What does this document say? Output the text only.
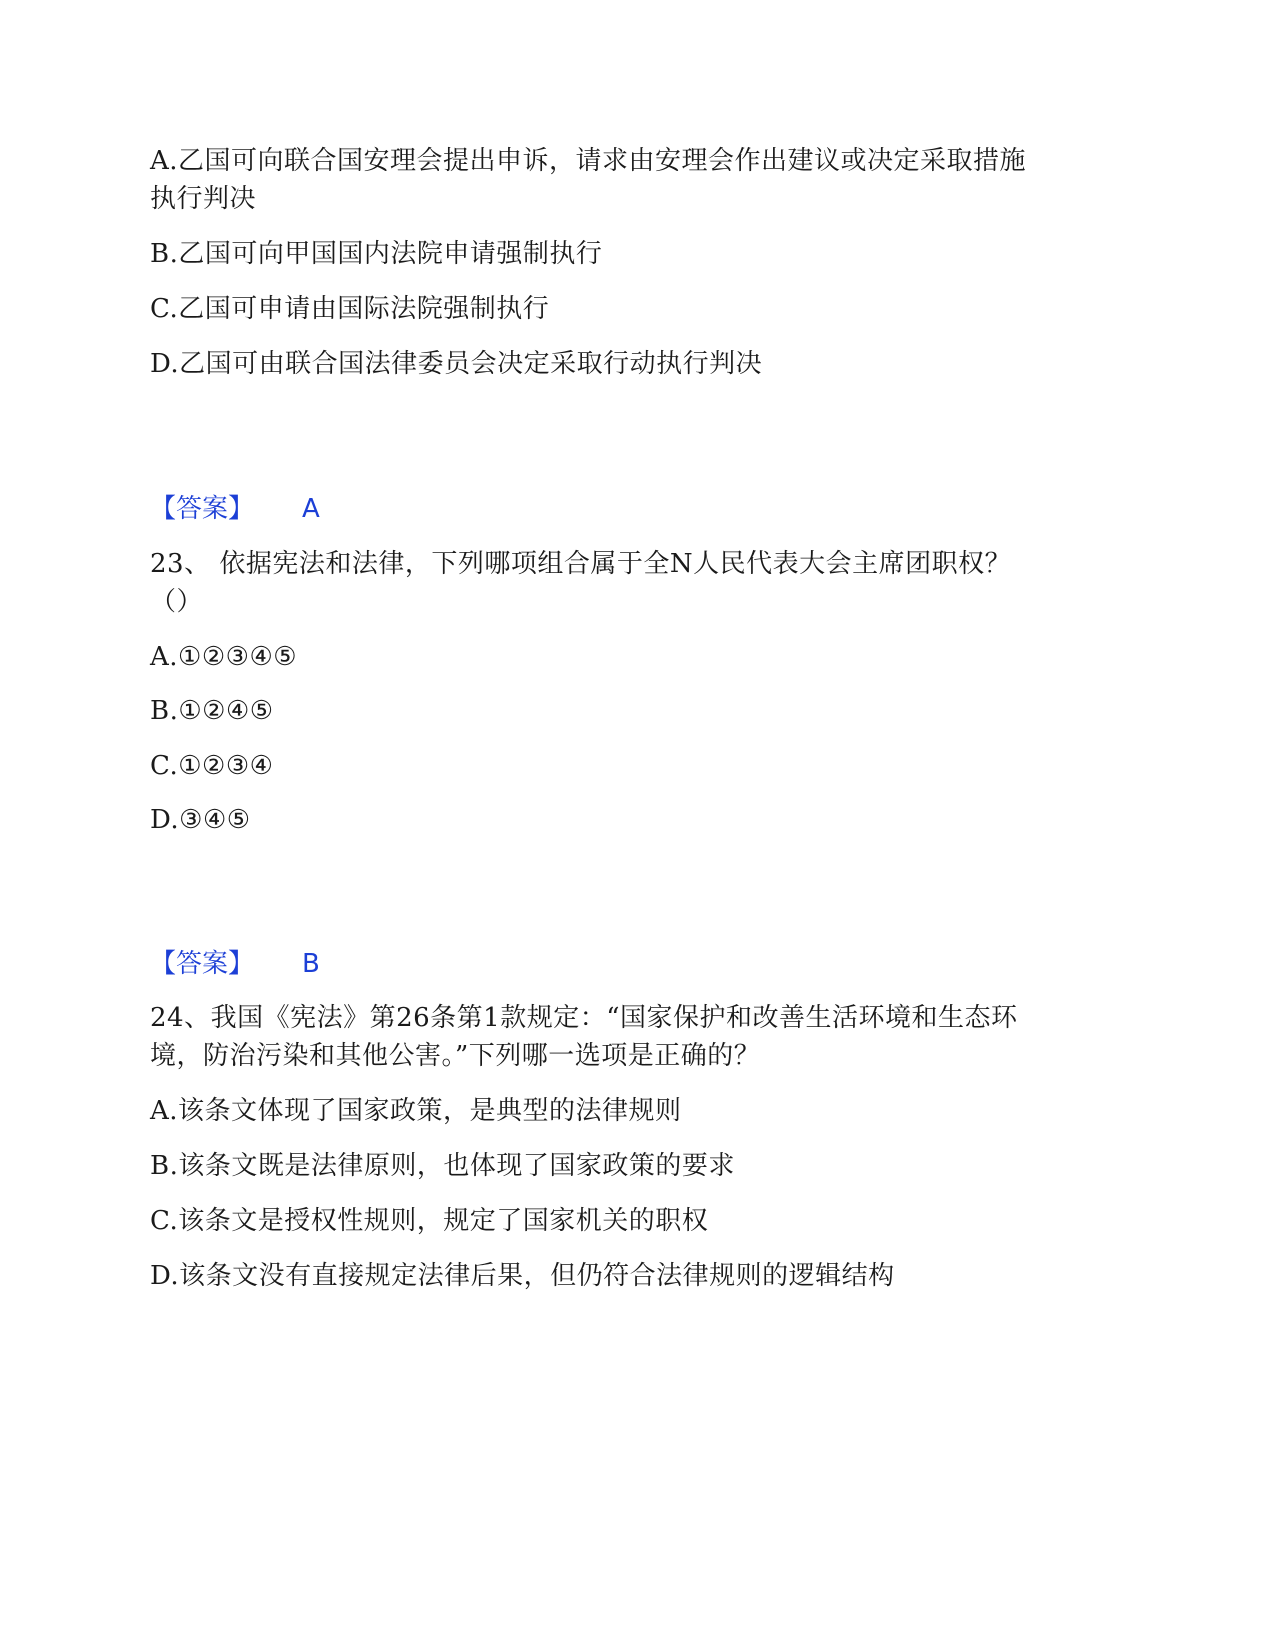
A.乙国可向联合国安理会提出申诉，请求由安理会作出建议或决定采取措施
执行判决
B.乙国可向甲国国内法院申请强制执行
C.乙国可申请由国际法院强制执行
D.乙国可由联合国法律委员会决定采取行动执行判决
【答案】 A
23、 依据宪法和法律，下列哪项组合属于全N人民代表大会主席团职权？
（）
A.①②③④⑤
B.①②④⑤
C.①②③④
D.③④⑤
【答案】 B
24、我国《宪法》第26条第1款规定：“国家保护和改善生活环境和生态环
境，防治污染和其他公害。”下列哪一选项是正确的？
A.该条文体现了国家政策，是典型的法律规则
B.该条文既是法律原则，也体现了国家政策的要求
C.该条文是授权性规则，规定了国家机关的职权
D.该条文没有直接规定法律后果，但仍符合法律规则的逻辑结构
